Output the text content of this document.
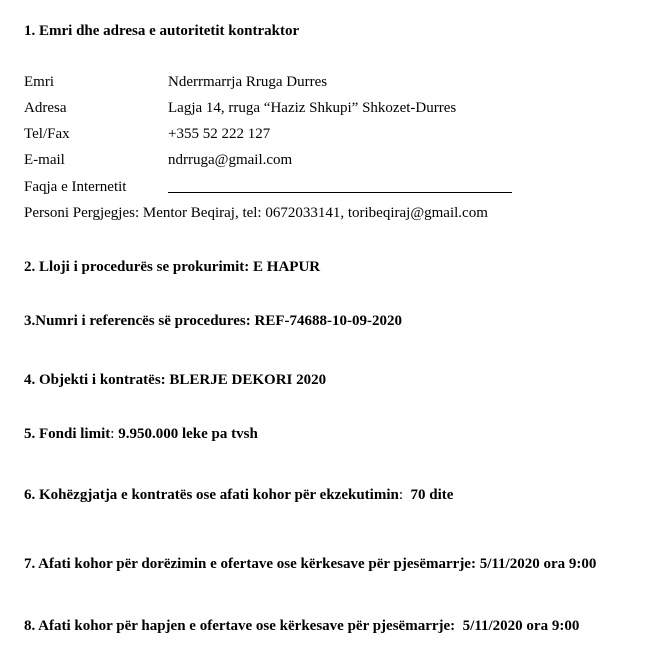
1. Emri dhe adresa e autoritetit kontraktor
Emri	Nderrmarrja Rruga Durres
Adresa	Lagja 14, rruga “Haziz Shkupi” Shkozet-Durres
Tel/Fax	+355 52 222 127
E-mail	ndrruga@gmail.com
Faqja e Internetit
Personi Pergjegjes: Mentor Beqiraj, tel: 0672033141, toribeqiraj@gmail.com
2. Lloji i procedurës se prokurimit: E HAPUR
3.Numri i referencës së procedures: REF-74688-10-09-2020
4. Objekti i kontratës: BLERJE DEKORI 2020
5. Fondi limit: 9.950.000 leke pa tvsh
6. Kohëzgjatja e kontratës ose afati kohor për ekzekutimin: 70 dite
7. Afati kohor për dorëzimin e ofertave ose kërkesave për pjesëmarrje: 5/11/2020 ora 9:00
8. Afati kohor për hapjen e ofertave ose kërkesave për pjesëmarrje: 5/11/2020 ora 9:00
